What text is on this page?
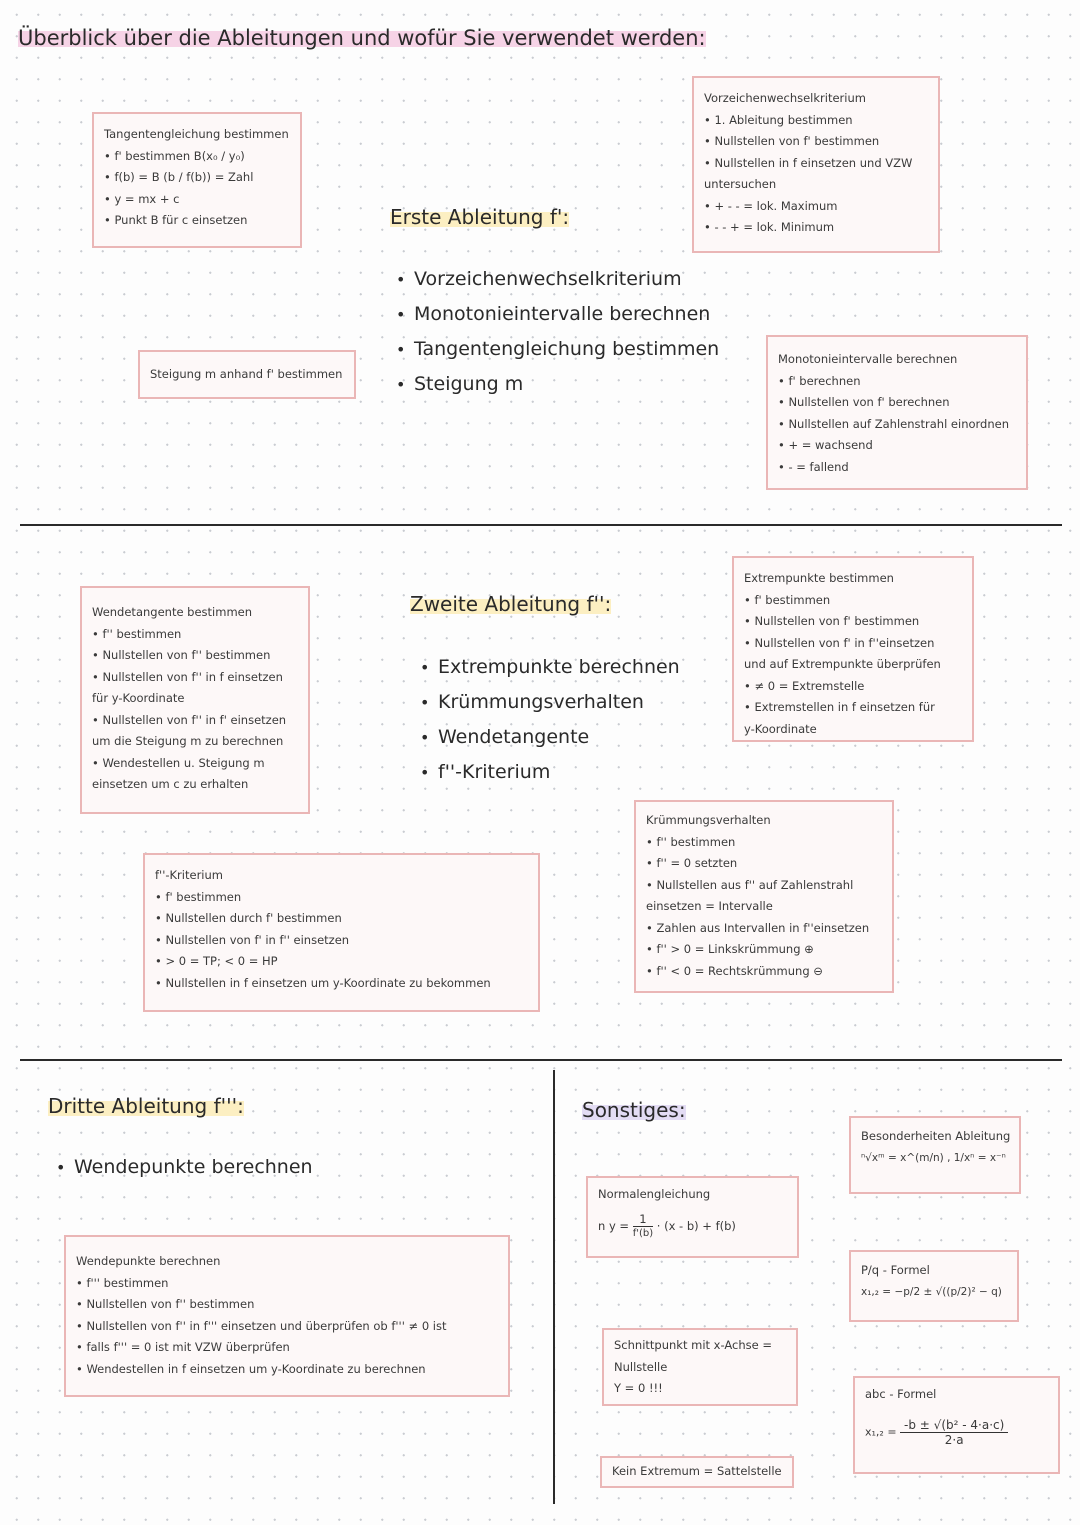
Überblick über die Ableitungen und wofür Sie verwendet werden:
Tangentengleichung bestimmen
• f' bestimmen B(x₀ / y₀)
• f(b) = B (b / f(b)) = Zahl
• y = mx + c
• Punkt B für c einsetzen
Steigung m anhand f' bestimmen
Erste Ableitung f':
• Vorzeichenwechselkriterium
• Monotonieintervalle berechnen
• Tangentengleichung bestimmen
• Steigung m
Vorzeichenwechselkriterium
• 1. Ableitung bestimmen
• Nullstellen von f' bestimmen
• Nullstellen in f einsetzen und VZW
untersuchen
• + - - = lok. Maximum
• - - + = lok. Minimum
Monotonieintervalle berechnen
• f' berechnen
• Nullstellen von f' berechnen
• Nullstellen auf Zahlenstrahl einordnen
• + = wachsend
• - = fallend
Wendetangente bestimmen
• f'' bestimmen
• Nullstellen von f'' bestimmen
• Nullstellen von f'' in f einsetzen
für y-Koordinate
• Nullstellen von f'' in f' einsetzen
um die Steigung m zu berechnen
• Wendestellen u. Steigung m
einsetzen um c zu erhalten
Zweite Ableitung f'':
• Extrempunkte berechnen
• Krümmungsverhalten
• Wendetangente
• f''-Kriterium
Extrempunkte bestimmen
• f' bestimmen
• Nullstellen von f' bestimmen
• Nullstellen von f' in f''einsetzen
und auf Extrempunkte überprüfen
• ≠ 0 = Extremstelle
• Extremstellen in f einsetzen für
y-Koordinate
Krümmungsverhalten
• f'' bestimmen
• f'' = 0 setzten
• Nullstellen aus f'' auf Zahlenstrahl
einsetzen = Intervalle
• Zahlen aus Intervallen in f''einsetzen
• f'' > 0 = Linkskrümmung ⊕
• f'' < 0 = Rechtskrümmung ⊖
f''-Kriterium
• f' bestimmen
• Nullstellen durch f' bestimmen
• Nullstellen von f' in f'' einsetzen
• > 0 = TP; < 0 = HP
• Nullstellen in f einsetzen um y-Koordinate zu bekommen
Dritte Ableitung f''':
• Wendepunkte berechnen
Wendepunkte berechnen
• f''' bestimmen
• Nullstellen von f'' bestimmen
• Nullstellen von f'' in f''' einsetzen und überprüfen ob f''' ≠ 0 ist
• falls f''' = 0 ist mit VZW überprüfen
• Wendestellen in f einsetzen um y-Koordinate zu berechnen
Sonstiges:
Normalengleichung
n $y = \frac{1}{f'(b)} \cdot (x - b) + f(b)$
Schnittpunkt mit x-Achse =
Nullstelle
Y = 0 !!!
Kein Extremum = Sattelstelle
Besonderheiten Ableitung
ⁿ√xᵐ = x^(m/n) , 1/xⁿ = x⁻ⁿ
P/q - Formel
x₁,₂ = −p/2 ± √((p/2)² − q)
abc - Formel
$x_1,_2 = \frac{\text{-b ± √(b² - 4·a·c)}}{2\cdot a}$
